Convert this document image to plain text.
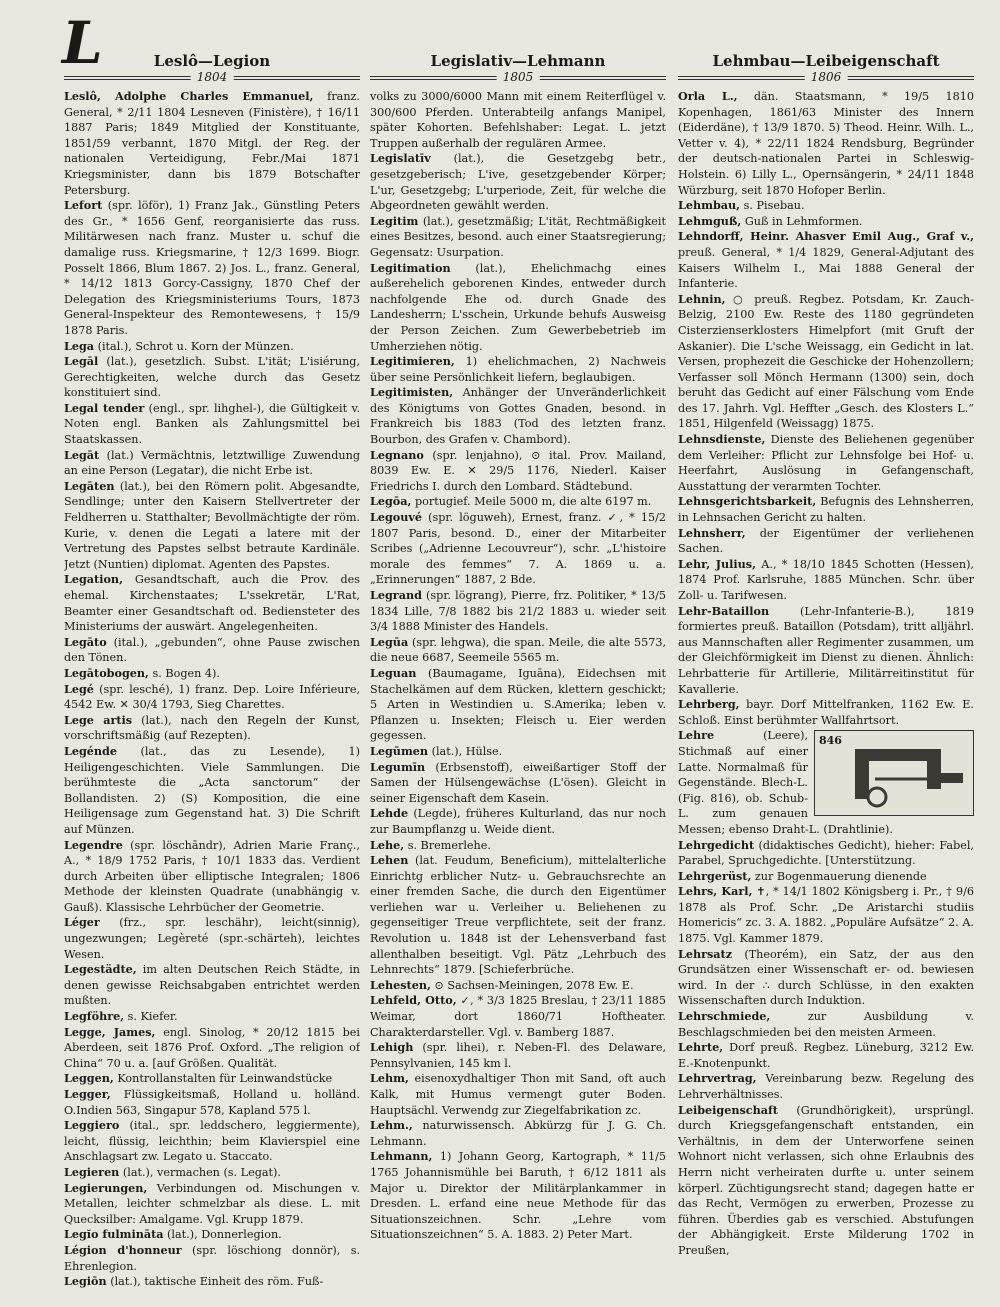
L	Leslô—Legion
1804

Leslô, Adolphe Charles Emmanuel, franz. General, * 2/11 1804 Lesneven (Finistère), † 16/11 1887 Paris; 1849 Mitglied der Konstituante, 1851/59 verbannt, 1870 Mitgl. der Reg. der nationalen Verteidigung, Febr./Mai 1871 Kriegsminister, dann bis 1879 Botschafter Petersburg.

Lefort (spr. löför), 1) Franz Jak., Günstling Peters des Gr., * 1656 Genf, reorganisierte das russ. Militärwesen nach franz. Muster u. schuf die damalige russ. Kriegsmarine, † 12/3 1699. Biogr. Posselt 1866, Blum 1867. 2) Jos. L., franz. General, * 14/12 1813 Gorcy-Cassigny, 1870 Chef der Delegation des Kriegsministeriums Tours, 1873 General-Inspekteur des Remontewesens, † 15/9 1878 Paris.

Lega (ital.), Schrot u. Korn der Münzen.

Legāl (lat.), gesetzlich. Subst. L'ität; L'isiérung, Gerechtigkeiten, welche durch das Gesetz konstituiert sind.

Legal tender (engl., spr. lihghel-), die Gültigkeit v. Noten engl. Banken als Zahlungsmittel bei Staatskassen.

Legāt (lat.) Vermächtnis, letztwillige Zuwendung an eine Person (Legatar), die nicht Erbe ist.

Legāten (lat.), bei den Römern polit. Abgesandte, Sendlinge; unter den Kaisern Stellvertreter der Feldherren u. Statthalter; Bevollmächtigte der röm. Kurie, v. denen die Legati a latere mit der Vertretung des Papstes selbst betraute Kardinäle. Jetzt (Nuntien) diplomat. Agenten des Papstes.

Legation, Gesandtschaft, auch die Prov. des ehemal. Kirchenstaates; L'ssekretär, L'Rat, Beamter einer Gesandtschaft od. Bediensteter des Ministeriums der auswärt. Angelegenheiten.

Legāto (ital.), „gebunden“, ohne Pause zwischen den Tönen.

Legātobogen, s. Bogen 4).

Legé (spr. lesché), 1) franz. Dep. Loire Inférieure, 4542 Ew. ✕ 30/4 1793, Sieg Charettes.

Lege artis (lat.), nach den Regeln der Kunst, vorschriftsmäßig (auf Rezepten).

Legénde (lat., das zu Lesende), 1) Heiligengeschichten. Viele Sammlungen. Die berühmteste die „Acta sanctorum“ der Bollandisten. 2) (S) Komposition, die eine Heiligensage zum Gegenstand hat. 3) Die Schrift auf Münzen.

Legendre (spr. löschāndr), Adrien Marie Franç., A., * 18/9 1752 Paris, † 10/1 1833 das. Verdient durch Arbeiten über elliptische Integralen; 1806 Methode der kleinsten Quadrate (unabhängig v. Gauß). Klassische Lehrbücher der Geometrie.

Léger (frz., spr. leschähr), leicht(sinnig), ungezwungen; Legèreté (spr.-schärteh), leichtes Wesen.

Legestädte, im alten Deutschen Reich Städte, in denen gewisse Reichsabgaben entrichtet werden mußten.

Legföhre, s. Kiefer.

Legge, James, engl. Sinolog, * 20/12 1815 bei Aberdeen, seit 1876 Prof. Oxford. „The religion of China“ 70 u. a. [auf Größen. Qualität.

Leggen, Kontrollanstalten für Leinwandstücke

Legger, Flüssigkeitsmaß, Holland u. holländ. O.Indien 563, Singapur 578, Kapland 575 l.

Leggiero (ital., spr. leddschero, leggiermente), leicht, flüssig, leichthin; beim Klavierspiel eine Anschlagsart zw. Legato u. Staccato.

Legieren (lat.), vermachen (s. Legat).

Legierungen, Verbindungen od. Mischungen v. Metallen, leichter schmelzbar als diese. L. mit Quecksilber: Amalgame. Vgl. Krupp 1879.

Legĭo fulmināta (lat.), Donnerlegion.

Légion d'honneur (spr. löschiong donnör), s. Ehrenlegion.

Legiōn (lat.), taktische Einheit des röm. Fuß-

Legislativ—Lehmann
1805

volks zu 3000/6000 Mann mit einem Reiterflügel v. 300/600 Pferden. Unterabteilg anfangs Manipel, später Kohorten. Befehlshaber: Legat. L. jetzt Truppen außerhalb der regulären Armee.

Legislatīv (lat.), die Gesetzgebg betr., gesetzgeberisch; L'ive, gesetzgebender Körper; L'ur, Gesetzgebg; L'urperiode, Zeit, für welche die Abgeordneten gewählt werden.

Legitim (lat.), gesetzmäßig; L'ität, Rechtmäßigkeit eines Besitzes, besond. auch einer Staatsregierung; Gegensatz: Usurpation.

Legitimation (lat.), Ehelichmachg eines außerehelich geborenen Kindes, entweder durch nachfolgende Ehe od. durch Gnade des Landesherrn; L'sschein, Urkunde behufs Ausweisg der Person Zeichen. Zum Gewerbebetrieb im Umherziehen nötig.

Legitimieren, 1) ehelichmachen, 2) Nachweis über seine Persönlichkeit liefern, beglaubigen.

Legitimisten, Anhänger der Unveränderlichkeit des Königtums von Gottes Gnaden, besond. in Frankreich bis 1883 (Tod des letzten franz. Bourbon, des Grafen v. Chambord).

Legnano (spr. lenjahno), ⊙ ital. Prov. Mailand, 8039 Ew. E. ✕ 29/5 1176, Niederl. Kaiser Friedrichs I. durch den Lombard. Städtebund.

Legōa, portugief. Meile 5000 m, die alte 6197 m.

Legouvé (spr. löguweh), Ernest, franz. ✓, * 15/2 1807 Paris, besond. D., einer der Mitarbeiter Scribes („Adrienne Lecouvreur“), schr. „L'histoire morale des femmes“ 7. A. 1869 u. a. „Erinnerungen“ 1887, 2 Bde.

Legrand (spr. lögrang), Pierre, frz. Politiker, * 13/5 1834 Lille, 7/8 1882 bis 21/2 1883 u. wieder seit 3/4 1888 Minister des Handels.

Legūa (spr. lehgwa), die span. Meile, die alte 5573, die neue 6687, Seemeile 5565 m.

Leguan (Baumagame, Iguāna), Eidechsen mit Stachelkämen auf dem Rücken, klettern geschickt; 5 Arten in Westindien u. S.Amerika; leben v. Pflanzen u. Insekten; Fleisch u. Eier werden gegessen.

Legūmen (lat.), Hülse.

Legumīn (Erbsenstoff), eiweißartiger Stoff der Samen der Hülsengewächse (L'ösen). Gleicht in seiner Eigenschaft dem Kasein.

Lehde (Legde), früheres Kulturland, das nur noch zur Baumpflanzg u. Weide dient.

Lehe, s. Bremerlehe.

Lehen (lat. Feudum, Beneficium), mittelalterliche Einrichtg erblicher Nutz- u. Gebrauchsrechte an einer fremden Sache, die durch den Eigentümer verliehen war u. Verleiher u. Beliehenen zu gegenseitiger Treue verpflichtete, seit der franz. Revolution u. 1848 ist der Lehensverband fast allenthalben beseitigt. Vgl. Pätz „Lehrbuch des Lehnrechts“ 1879. [Schieferbrüche.

Lehesten, ⊙ Sachsen-Meiningen, 2078 Ew. E.

Lehfeld, Otto, ✓, * 3/3 1825 Breslau, † 23/11 1885 Weimar, dort 1860/71 Hoftheater. Charakterdarsteller. Vgl. v. Bamberg 1887.

Lehigh (spr. lihei), r. Neben-Fl. des Delaware, Pennsylvanien, 145 km l.

Lehm, eisenoxydhaltiger Thon mit Sand, oft auch Kalk, mit Humus vermengt guter Boden. Hauptsächl. Verwendg zur Ziegelfabrikation zc.

Lehm., naturwissensch. Abkürzg für J. G. Ch. Lehmann.

Lehmann, 1) Johann Georg, Kartograph, * 11/5 1765 Johannismühle bei Baruth, † 6/12 1811 als Major u. Direktor der Militärplankammer in Dresden. L. erfand eine neue Methode für das Situationszeichnen. Schr. „Lehre vom Situationszeichnen“ 5. A. 1883. 2) Peter Mart.

Lehmbau—Leibeigenschaft
1806

Orla L., dän. Staatsmann, * 19/5 1810 Kopenhagen, 1861/63 Minister des Innern (Eiderdäne), † 13/9 1870. 5) Theod. Heinr. Wilh. L., Vetter v. 4), * 22/11 1824 Rendsburg, Begründer der deutsch-nationalen Partei in Schleswig-Holstein. 6) Lilly L., Opernsängerin, * 24/11 1848 Würzburg, seit 1870 Hofoper Berlin.

Lehmbau, s. Pisebau.

Lehmguß, Guß in Lehmformen.

Lehndorff, Heinr. Ahasver Emil Aug., Graf v., preuß. General, * 1/4 1829, General-Adjutant des Kaisers Wilhelm I., Mai 1888 General der Infanterie.

Lehnin, ○ preuß. Regbez. Potsdam, Kr. Zauch-Belzig, 2100 Ew. Reste des 1180 gegründeten Cisterzienserklosters Himelpfort (mit Gruft der Askanier). Die L'sche Weissagg, ein Gedicht in lat. Versen, prophezeit die Geschicke der Hohenzollern; Verfasser soll Mönch Hermann (1300) sein, doch beruht das Gedicht auf einer Fälschung vom Ende des 17. Jahrh. Vgl. Heffter „Gesch. des Klosters L.“ 1851, Hilgenfeld (Weissagg) 1875.

Lehnsdienste, Dienste des Beliehenen gegenüber dem Verleiher: Pflicht zur Lehnsfolge bei Hof- u. Heerfahrt, Auslösung in Gefangenschaft, Ausstattung der verarmten Tochter.

Lehnsgerichtsbarkeit, Befugnis des Lehnsherren, in Lehnsachen Gericht zu halten.

Lehnsherr, der Eigentümer der verliehenen Sachen.

Lehr, Julius, A., * 18/10 1845 Schotten (Hessen), 1874 Prof. Karlsruhe, 1885 München. Schr. über Zoll- u. Tarifwesen.

Lehr-Bataillon (Lehr-Infanterie-B.), 1819 formiertes preuß. Bataillon (Potsdam), tritt alljährl. aus Mannschaften aller Regimenter zusammen, um der Gleichförmigkeit im Dienst zu dienen. Ähnlich: Lehrbatterie für Artillerie, Militärreitinstitut für Kavallerie.

Lehrberg, bayr. Dorf Mittelfranken, 1162 Ew. E. Schloß. Einst berühmter Wallfahrtsort.

846
Lehre (Leere), Stichmaß auf einer Latte. Normalmaß für Gegenstände. Blech-L. (Fig. 816), ob. Schub-L. zum genauen Messen; ebenso Draht-L. (Drahtlinie).

Lehrgedicht (didaktisches Gedicht), hieher: Fabel, Parabel, Spruchgedichte. [Unterstützung.

Lehrgerüst, zur Bogenmauerung dienende

Lehrs, Karl, ✝, * 14/1 1802 Königsberg i. Pr., † 9/6 1878 als Prof. Schr. „De Aristarchi studiis Homericis“ zc. 3. A. 1882. „Populäre Aufsätze“ 2. A. 1875. Vgl. Kammer 1879.

Lehrsatz (Theorém), ein Satz, der aus den Grundsätzen einer Wissenschaft er- od. bewiesen wird. In der ∴ durch Schlüsse, in den exakten Wissenschaften durch Induktion.

Lehrschmiede, zur Ausbildung v. Beschlagschmieden bei den meisten Armeen.

Lehrte, Dorf preuß. Regbez. Lüneburg, 3212 Ew. E.-Knotenpunkt.

Lehrvertrag, Vereinbarung bezw. Regelung des Lehrverhältnisses.

Leibeigenschaft (Grundhörigkeit), ursprüngl. durch Kriegsgefangenschaft entstanden, ein Verhältnis, in dem der Unterworfene seinen Wohnort nicht verlassen, sich ohne Erlaubnis des Herrn nicht verheiraten durfte u. unter seinem körperl. Züchtigungsrecht stand; dagegen hatte er das Recht, Vermögen zu erwerben, Prozesse zu führen. Überdies gab es verschied. Abstufungen der Abhängigkeit. Erste Milderung 1702 in Preußen,
